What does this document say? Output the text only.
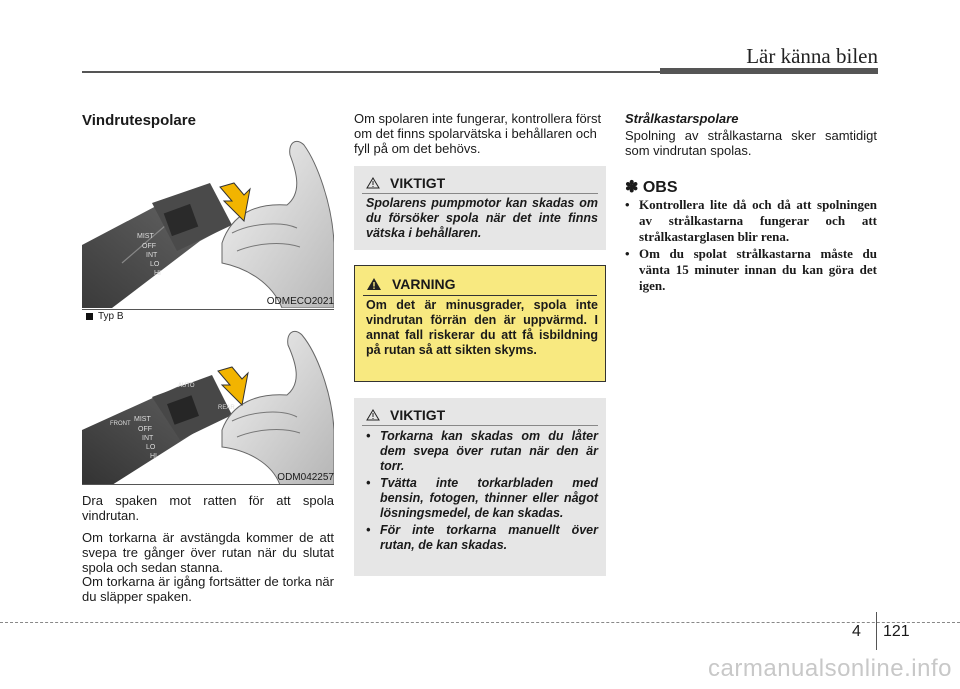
Lär känna bilen
Vindrutespolare
MIST
OFF
INT
LO
HI
ODMECO2021
Typ B
FRONT
MIST
OFF
INT
LO
HI
AUTO
REAR
ODM042257
Dra spaken mot ratten för att spola vindrutan.
Om torkarna är avstängda kommer de att svepa tre gånger över rutan när du slutat spola och sedan stanna.
Om torkarna är igång fortsätter de torka när du släpper spaken.
Om spolaren inte fungerar, kontrollera först om det finns spolarvätska i behållaren och fyll på om det behövs.
VIKTIGT
Spolarens pumpmotor kan skadas om du försöker spola när det inte finns vätska i behållaren.
VARNING
Om det är minusgrader, spola inte vindrutan förrän den är uppvärmd. I annat fall riskerar du att få isbildning på rutan så att sikten skyms.
VIKTIGT
• Torkarna kan skadas om du låter dem svepa över rutan när den är torr.
• Tvätta inte torkarbladen med bensin, fotogen, thinner eller något lösningsmedel, de kan skadas.
• För inte torkarna manuellt över rutan, de kan skadas.
Strålkastarspolare
Spolning av strålkastarna sker samtidigt som vindrutan spolas.
✽ OBS
• Kontrollera lite då och då att spolningen av strålkastarna fungerar och att strålkastarglasen blir rena.
• Om du spolat strålkastarna måste du vänta 15 minuter innan du kan göra det igen.
4 121
carmanualsonline.info
